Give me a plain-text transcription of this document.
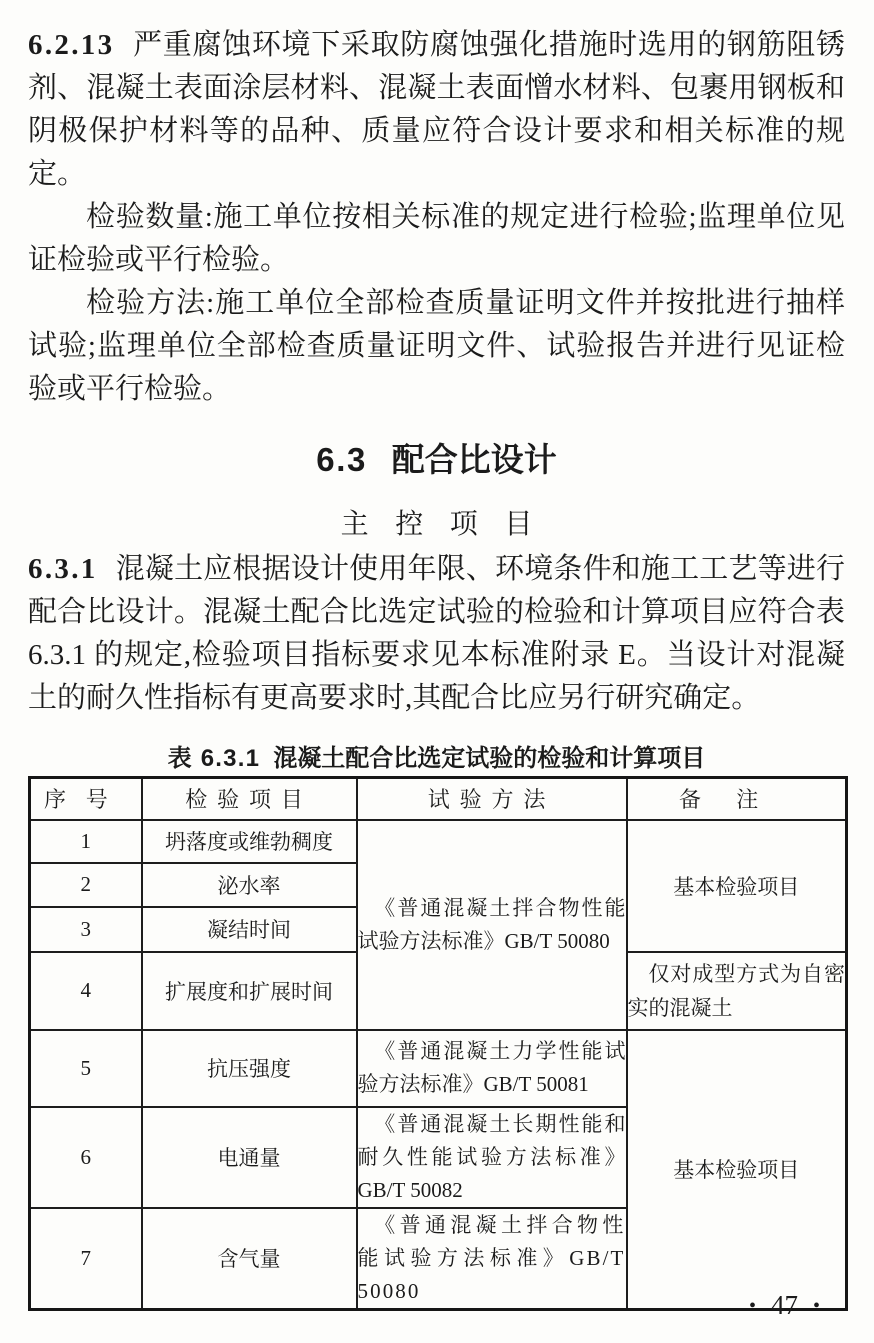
6.2.13 严重腐蚀环境下采取防腐蚀强化措施时选用的钢筋阻锈剂、混凝土表面涂层材料、混凝土表面憎水材料、包裹用钢板和阴极保护材料等的品种、质量应符合设计要求和相关标准的规定。

检验数量:施工单位按相关标准的规定进行检验;监理单位见证检验或平行检验。

检验方法:施工单位全部检查质量证明文件并按批进行抽样试验;监理单位全部检查质量证明文件、试验报告并进行见证检验或平行检验。

6.3 配合比设计
主控项目

6.3.1 混凝土应根据设计使用年限、环境条件和施工工艺等进行配合比设计。混凝土配合比选定试验的检验和计算项目应符合表 6.3.1 的规定,检验项目指标要求见本标准附录 E。当设计对混凝土的耐久性指标有更高要求时,其配合比应另行研究确定。

表 6.3.1 混凝土配合比选定试验的检验和计算项目
序号	检验项目	试验方法	备注
1	坍落度或维勃稠度	《普通混凝土拌合物性能试验方法标准》GB/T 50080	基本检验项目
2	泌水率		
3	凝结时间		
4	扩展度和扩展时间		仅对成型方式为自密实的混凝土
5	抗压强度	《普通混凝土力学性能试验方法标准》GB/T 50081	基本检验项目
6	电通量	《普通混凝土长期性能和耐久性能试验方法标准》GB/T 50082	
7	含气量	《普通混凝土拌合物性能试验方法标准》GB/T 50080	
• 47 •
